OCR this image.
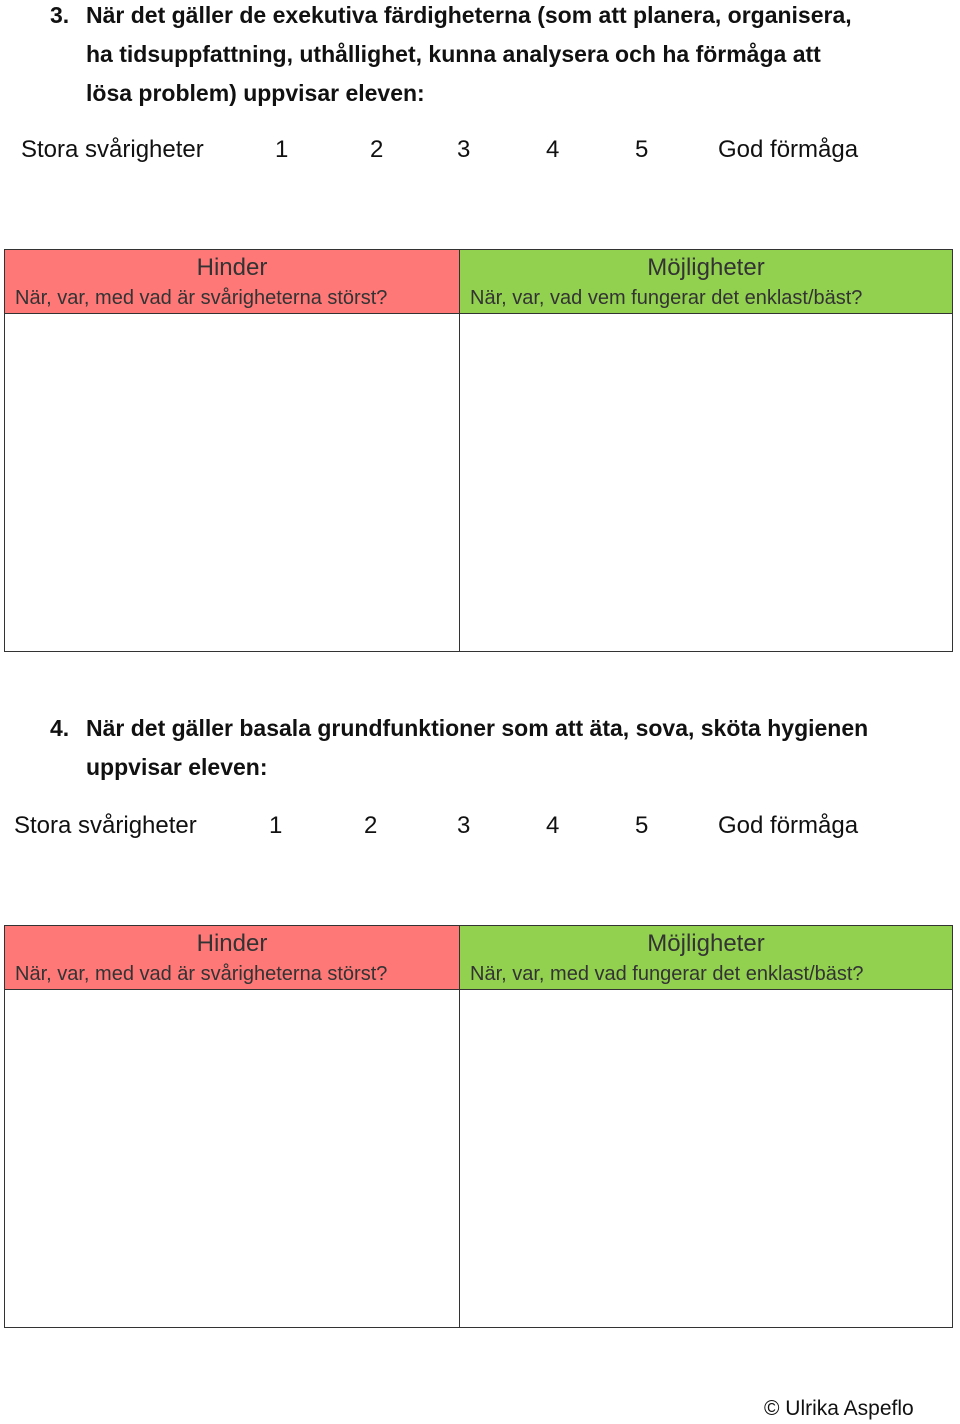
3. När det gäller de exekutiva färdigheterna (som att planera, organisera,
ha tidsuppfattning, uthållighet, kunna analysera och ha förmåga att
lösa problem) uppvisar eleven:
Stora svårigheter	1	2	3	4	5	God förmåga
Hinder
När, var, med vad är svårigheterna störst?
Möjligheter
När, var, vad vem fungerar det enklast/bäst?
4. När det gäller basala grundfunktioner som att äta, sova, sköta hygienen
uppvisar eleven:
Stora svårigheter	1	2	3	4	5	God förmåga
Hinder
När, var, med vad är svårigheterna störst?
Möjligheter
När, var, med vad fungerar det enklast/bäst?
© Ulrika Aspeflo
